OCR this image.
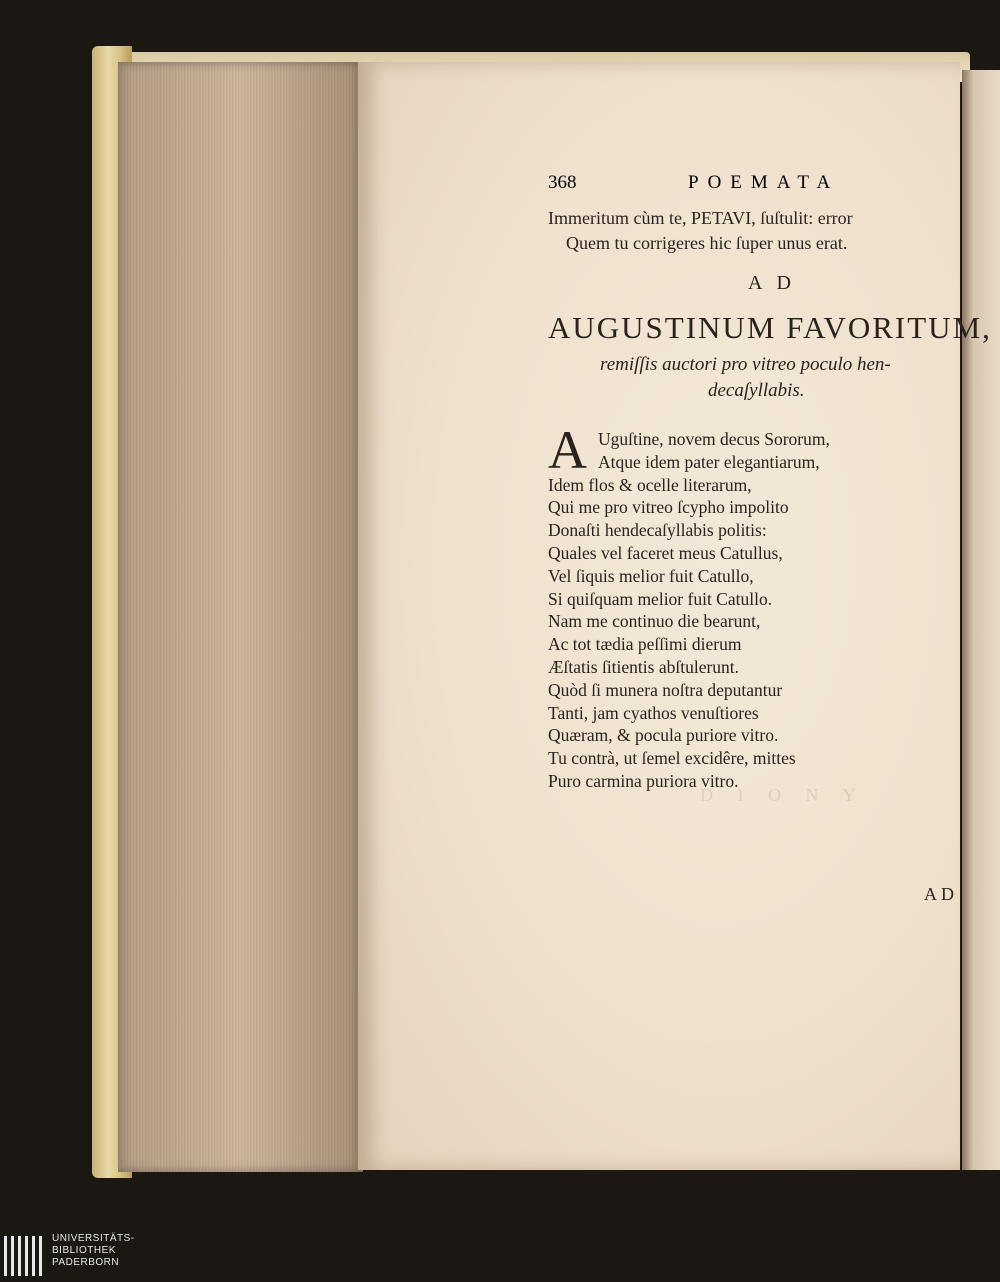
D I O N Y
368	POEMATA
Immeritum cùm te, PETAVI, ſuſtulit: error
Quem tu corrigeres hic ſuper unus erat.
AD
AUGUSTINUM FAVORITUM,
remiſſis auctori pro vitreo poculo hen-
decaſyllabis.
A Uguſtine, novem decus Sororum,
Atque idem pater elegantiarum,
Idem flos & ocelle literarum,
Qui me pro vitreo ſcypho impolito
Donaſti hendecaſyllabis politis:
Quales vel faceret meus Catullus,
Vel ſiquis melior fuit Catullo,
Si quiſquam melior fuit Catullo.
Nam me continuo die bearunt,
Ac tot tædia peſſimi dierum
Æſtatis ſitientis abſtulerunt.
Quòd ſi munera noſtra deputantur
Tanti, jam cyathos venuſtiores
Quæram, & pocula puriore vitro.
Tu contrà, ut ſemel excidêre, mittes
Puro carmina puriora vitro.
AD
UNIVERSITÄTS-
BIBLIOTHEK
PADERBORN
